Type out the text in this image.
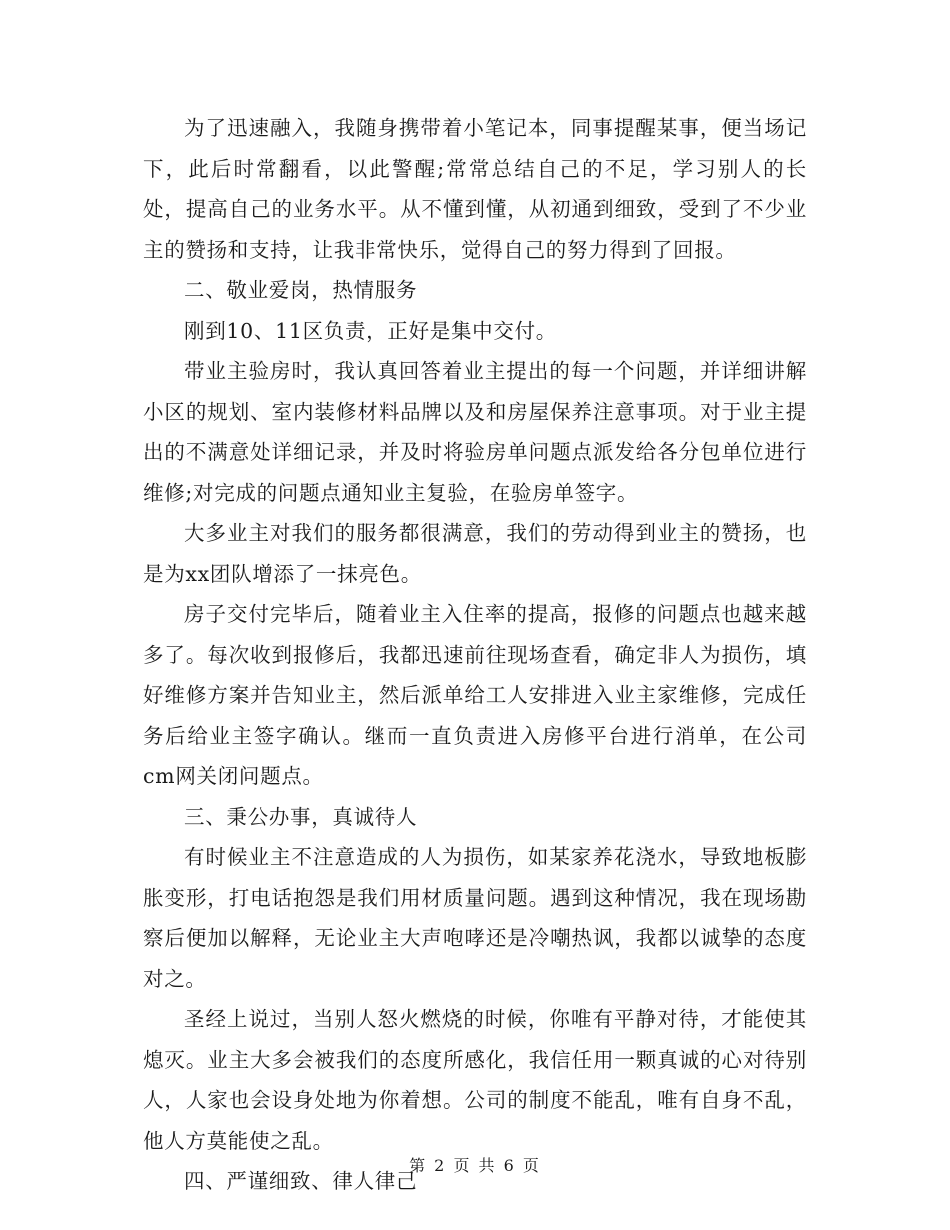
为了迅速融入，我随身携带着小笔记本，同事提醒某事，便当场记下，此后时常翻看，以此警醒;常常总结自己的不足，学习别人的长处，提高自己的业务水平。从不懂到懂，从初通到细致，受到了不少业主的赞扬和支持，让我非常快乐，觉得自己的努力得到了回报。

二、敬业爱岗，热情服务

刚到10、11区负责，正好是集中交付。

带业主验房时，我认真回答着业主提出的每一个问题，并详细讲解小区的规划、室内装修材料品牌以及和房屋保养注意事项。对于业主提出的不满意处详细记录，并及时将验房单问题点派发给各分包单位进行维修;对完成的问题点通知业主复验，在验房单签字。

大多业主对我们的服务都很满意，我们的劳动得到业主的赞扬，也是为xx团队增添了一抹亮色。

房子交付完毕后，随着业主入住率的提高，报修的问题点也越来越多了。每次收到报修后，我都迅速前往现场查看，确定非人为损伤，填好维修方案并告知业主，然后派单给工人安排进入业主家维修，完成任务后给业主签字确认。继而一直负责进入房修平台进行消单，在公司cm网关闭问题点。

三、秉公办事，真诚待人

有时候业主不注意造成的人为损伤，如某家养花浇水，导致地板膨胀变形，打电话抱怨是我们用材质量问题。遇到这种情况，我在现场勘察后便加以解释，无论业主大声咆哮还是冷嘲热讽，我都以诚挚的态度对之。

圣经上说过，当别人怒火燃烧的时候，你唯有平静对待，才能使其熄灭。业主大多会被我们的态度所感化，我信任用一颗真诚的心对待别人，人家也会设身处地为你着想。公司的制度不能乱，唯有自身不乱，他人方莫能使之乱。

四、严谨细致、律人律己

第 2 页 共 6 页
